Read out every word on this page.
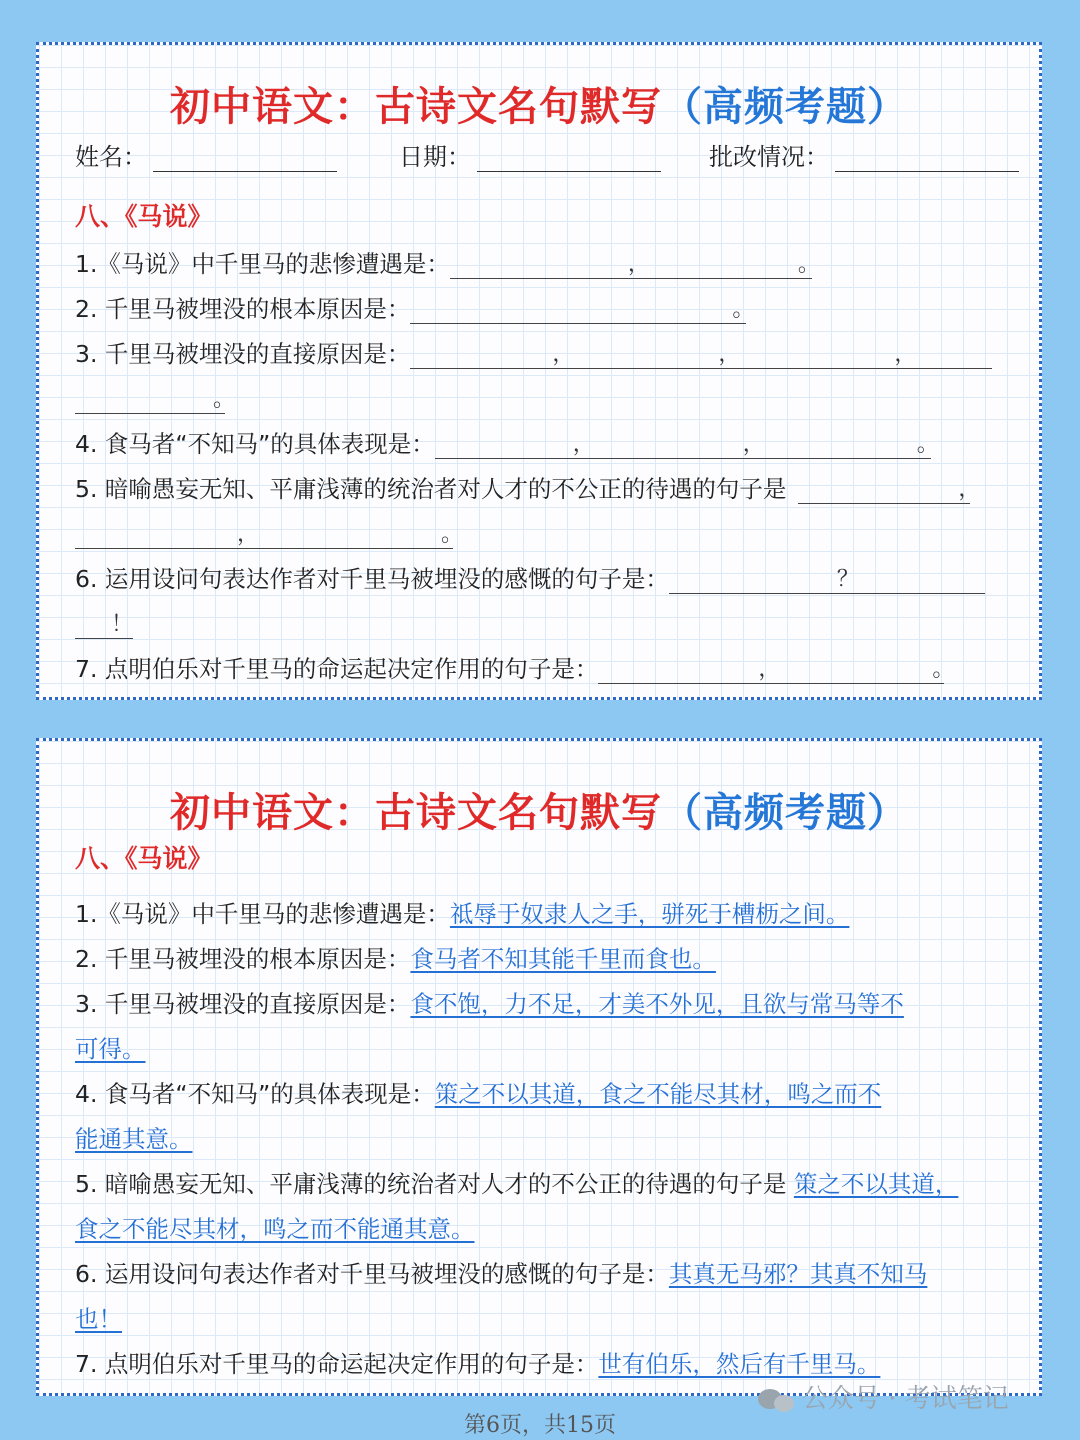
初中语文：古诗文名句默写（高频考题）
姓名：	日期：	批改情况：
八、《马说》
1.《马说》中千里马的悲惨遭遇是：	，	。
2. 千里马被埋没的根本原因是：	。
3. 千里马被埋没的直接原因是：	，	，	，
。
4. 食马者“不知马”的具体表现是：	，	，	。
5. 暗喻愚妄无知、平庸浅薄的统治者对人才的不公正的待遇的句子是	，
，	。
6. 运用设问句表达作者对千里马被埋没的感慨的句子是：	？
！
7. 点明伯乐对千里马的命运起决定作用的句子是：	，	。
初中语文：古诗文名句默写（高频考题）
八、《马说》
1.《马说》中千里马的悲惨遭遇是：祗辱于奴隶人之手，骈死于槽枥之间。
2. 千里马被埋没的根本原因是：食马者不知其能千里而食也。
3. 千里马被埋没的直接原因是：食不饱，力不足，才美不外见，且欲与常马等不
可得。
4. 食马者“不知马”的具体表现是：策之不以其道，食之不能尽其材，鸣之而不
能通其意。
5. 暗喻愚妄无知、平庸浅薄的统治者对人才的不公正的待遇的句子是 策之不以其道，
食之不能尽其材，鸣之而不能通其意。
6. 运用设问句表达作者对千里马被埋没的感慨的句子是：其真无马邪？其真不知马
也！
7. 点明伯乐对千里马的命运起决定作用的句子是：世有伯乐，然后有千里马。
公众号 · 考试笔记
第6页，共15页
